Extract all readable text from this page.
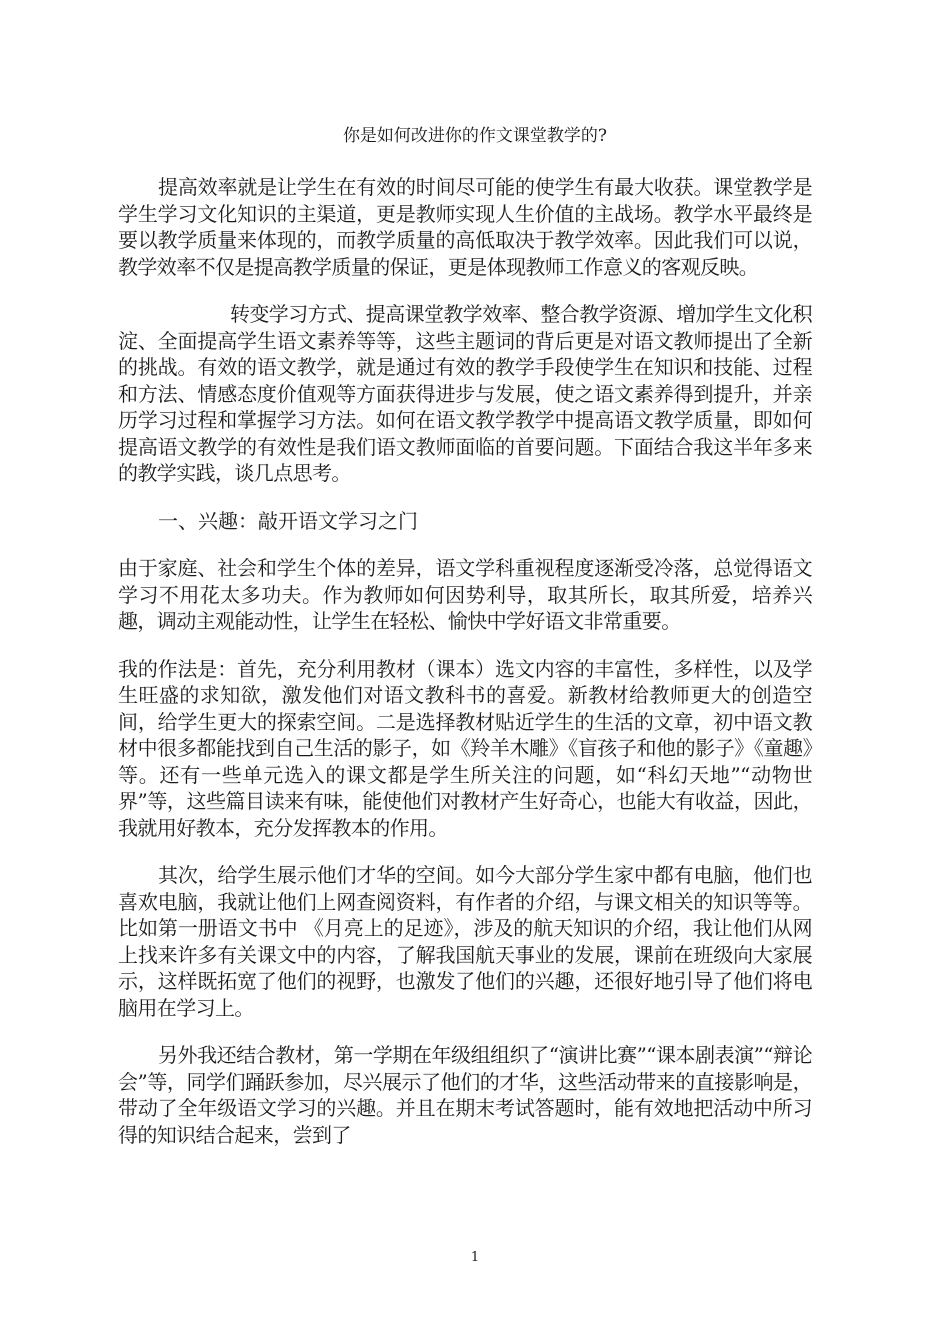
你是如何改进你的作文课堂教学的?

提高效率就是让学生在有效的时间尽可能的使学生有最大收获。课堂教学是学生学习文化知识的主渠道，更是教师实现人生价值的主战场。教学水平最终是要以教学质量来体现的，而教学质量的高低取决于教学效率。因此我们可以说，教学效率不仅是提高教学质量的保证，更是体现教师工作意义的客观反映。

转变学习方式、提高课堂教学效率、整合教学资源、增加学生文化积淀、全面提高学生语文素养等等，这些主题词的背后更是对语文教师提出了全新的挑战。有效的语文教学，就是通过有效的教学手段使学生在知识和技能、过程和方法、情感态度价值观等方面获得进步与发展，使之语文素养得到提升，并亲历学习过程和掌握学习方法。如何在语文教学教学中提高语文教学质量，即如何提高语文教学的有效性是我们语文教师面临的首要问题。下面结合我这半年多来的教学实践，谈几点思考。

一、兴趣：敲开语文学习之门

由于家庭、社会和学生个体的差异，语文学科重视程度逐渐受冷落，总觉得语文学习不用花太多功夫。作为教师如何因势利导，取其所长，取其所爱，培养兴趣，调动主观能动性，让学生在轻松、愉快中学好语文非常重要。

我的作法是：首先，充分利用教材（课本）选文内容的丰富性，多样性，以及学生旺盛的求知欲，激发他们对语文教科书的喜爱。新教材给教师更大的创造空间，给学生更大的探索空间。二是选择教材贴近学生的生活的文章，初中语文教材中很多都能找到自己生活的影子，如《羚羊木雕》《盲孩子和他的影子》《童趣》等。还有一些单元选入的课文都是学生所关注的问题，如“科幻天地”“动物世界”等，这些篇目读来有味，能使他们对教材产生好奇心，也能大有收益，因此，我就用好教本，充分发挥教本的作用。

其次，给学生展示他们才华的空间。如今大部分学生家中都有电脑，他们也喜欢电脑，我就让他们上网查阅资料，有作者的介绍，与课文相关的知识等等。比如第一册语文书中 《月亮上的足迹》，涉及的航天知识的介绍，我让他们从网上找来许多有关课文中的内容，了解我国航天事业的发展，课前在班级向大家展示，这样既拓宽了他们的视野，也激发了他们的兴趣，还很好地引导了他们将电脑用在学习上。

另外我还结合教材，第一学期在年级组组织了“演讲比赛”“课本剧表演”“辩论会”等，同学们踊跃参加，尽兴展示了他们的才华，这些活动带来的直接影响是，带动了全年级语文学习的兴趣。并且在期末考试答题时，能有效地把活动中所习得的知识结合起来，尝到了

1
